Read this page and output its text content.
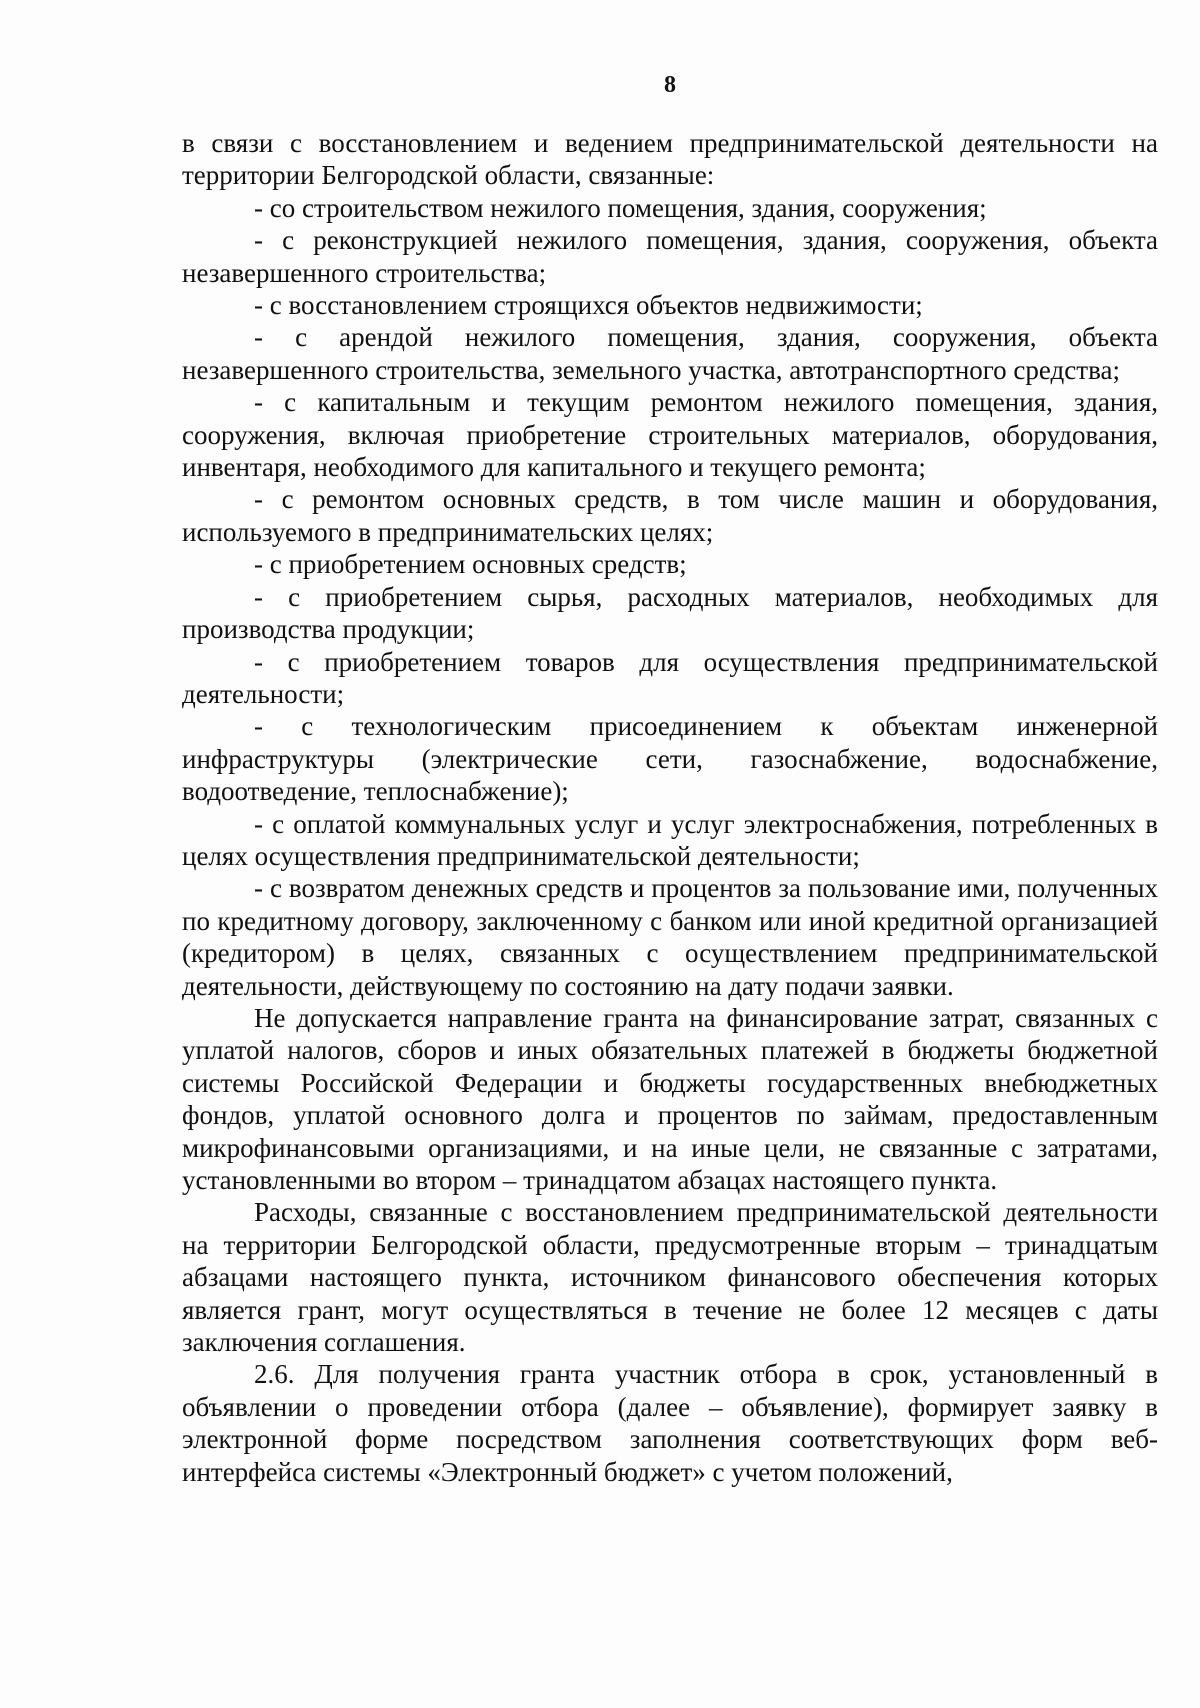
8

в связи с восстановлением и ведением предпринимательской деятельности на территории Белгородской области, связанные:

- со строительством нежилого помещения, здания, сооружения;

- с реконструкцией нежилого помещения, здания, сооружения, объекта незавершенного строительства;

- с восстановлением строящихся объектов недвижимости;

- с арендой нежилого помещения, здания, сооружения, объекта незавершенного строительства, земельного участка, автотранспортного средства;

- с капитальным и текущим ремонтом нежилого помещения, здания, сооружения, включая приобретение строительных материалов, оборудования, инвентаря, необходимого для капитального и текущего ремонта;

- с ремонтом основных средств, в том числе машин и оборудования, используемого в предпринимательских целях;

- с приобретением основных средств;

- с приобретением сырья, расходных материалов, необходимых для производства продукции;

- с приобретением товаров для осуществления предпринимательской деятельности;

- с технологическим присоединением к объектам инженерной инфраструктуры (электрические сети, газоснабжение, водоснабжение, водоотведение, теплоснабжение);

- с оплатой коммунальных услуг и услуг электроснабжения, потребленных в целях осуществления предпринимательской деятельности;

- с возвратом денежных средств и процентов за пользование ими, полученных по кредитному договору, заключенному с банком или иной кредитной организацией (кредитором) в целях, связанных с осуществлением предпринимательской деятельности, действующему по состоянию на дату подачи заявки.

Не допускается направление гранта на финансирование затрат, связанных с уплатой налогов, сборов и иных обязательных платежей в бюджеты бюджетной системы Российской Федерации и бюджеты государственных внебюджетных фондов, уплатой основного долга и процентов по займам, предоставленным микрофинансовыми организациями, и на иные цели, не связанные с затратами, установленными во втором – тринадцатом абзацах настоящего пункта.

Расходы, связанные с восстановлением предпринимательской деятельности на территории Белгородской области, предусмотренные вторым – тринадцатым абзацами настоящего пункта, источником финансового обеспечения которых является грант, могут осуществляться в течение не более 12 месяцев с даты заключения соглашения.

2.6. Для получения гранта участник отбора в срок, установленный в объявлении о проведении отбора (далее – объявление), формирует заявку в электронной форме посредством заполнения соответствующих форм веб-интерфейса системы «Электронный бюджет» с учетом положений,
